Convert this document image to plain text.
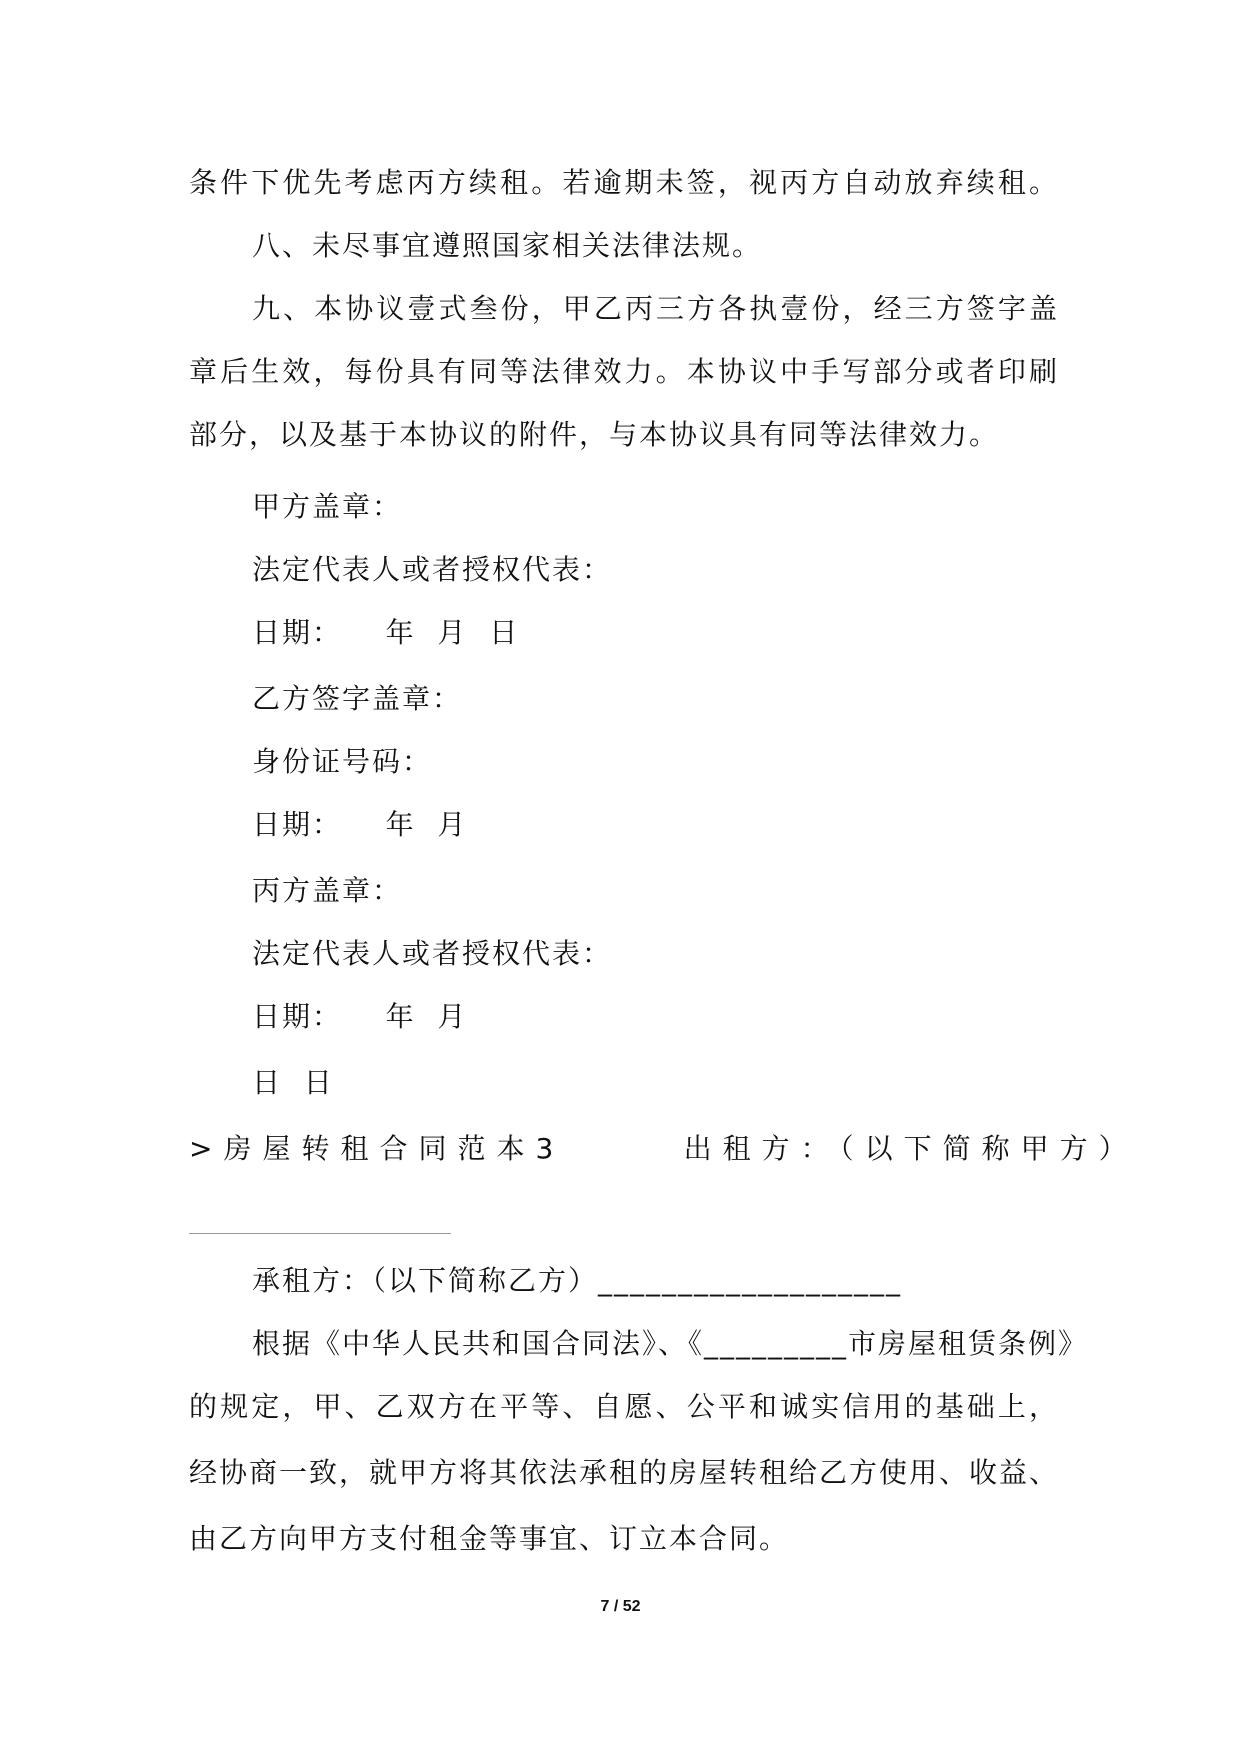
条件下优先考虑丙方续租。若逾期未签，视丙方自动放弃续租。
八、未尽事宜遵照国家相关法律法规。
九、本协议壹式叁份，甲乙丙三方各执壹份，经三方签字盖
章后生效，每份具有同等法律效力。本协议中手写部分或者印刷
部分，以及基于本协议的附件，与本协议具有同等法律效力。
甲方盖章：
法定代表人或者授权代表：
日期：    年  月  日
乙方签字盖章：
身份证号码：
日期：    年  月
丙方盖章：
法定代表人或者授权代表：
日期：    年  月
日  日
>房屋转租合同范本3      出租方：（以下简称甲方）
承租方：（以下简称乙方）___________________
根据《中华人民共和国合同法》、《_________市房屋租赁条例》
的规定，甲、乙双方在平等、自愿、公平和诚实信用的基础上，
经协商一致，就甲方将其依法承租的房屋转租给乙方使用、收益、
由乙方向甲方支付租金等事宜、订立本合同。
7 / 52
